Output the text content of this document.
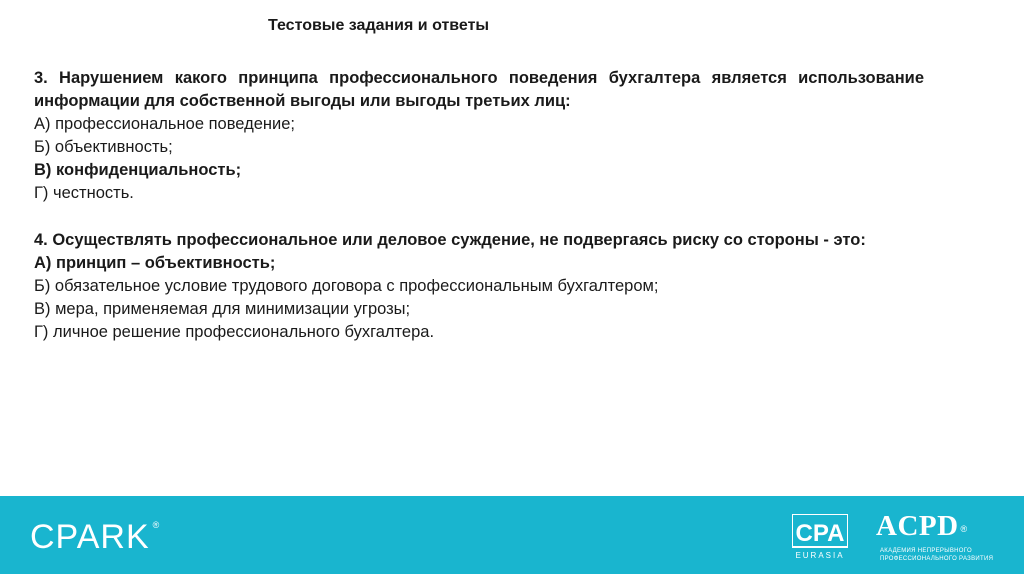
Тестовые задания и ответы

3. Нарушением какого принципа профессионального поведения бухгалтера является использование информации для собственной выгоды или выгоды третьих лиц:

А) профессиональное поведение;

Б) объективность;

В) конфиденциальность;

Г) честность.

4. Осуществлять профессиональное или деловое суждение, не подвергаясь риску со стороны - это:

А) принцип – объективность;

Б) обязательное условие трудового договора с профессиональным бухгалтером;

В) мера, применяемая для минимизации угрозы;

Г) личное решение профессионального бухгалтера.

CPARK ®	CPA
EURASIA
ACPD ®
АКАДЕМИЯ НЕПРЕРЫВНОГО
ПРОФЕССИОНАЛЬНОГО РАЗВИТИЯ
